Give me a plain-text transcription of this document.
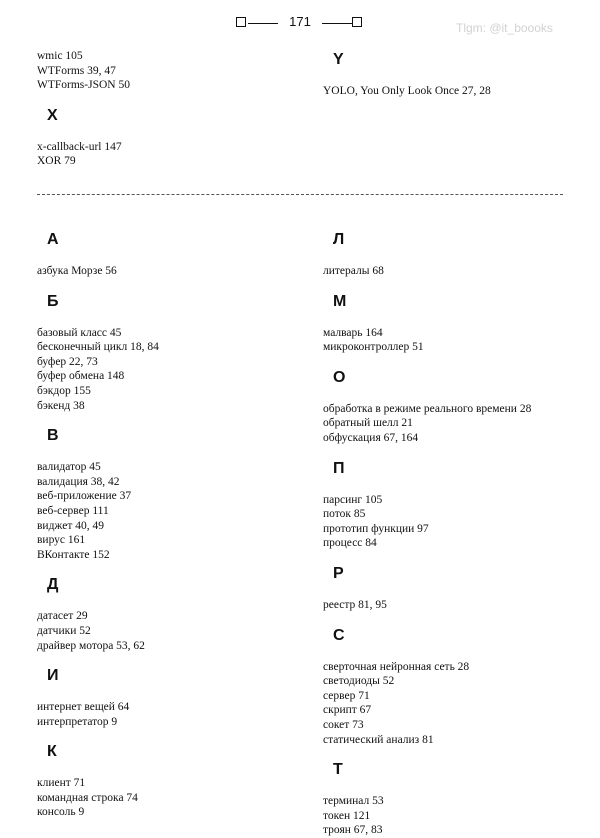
171	Tlgm: @it_boooks
wmic 105
WTForms 39, 47
WTForms-JSON 50
X
x-callback-url 147
XOR 79
Y
YOLO, You Only Look Once 27, 28
А
азбука Морзе 56
Б
базовый класс 45
бесконечный цикл 18, 84
буфер 22, 73
буфер обмена 148
бэкдор 155
бэкенд 38
В
валидатор 45
валидация 38, 42
веб-приложение 37
веб-сервер 111
виджет 40, 49
вирус 161
ВКонтакте 152
Д
датасет 29
датчики 52
драйвер мотора 53, 62
И
интернет вещей 64
интерпретатор 9
К
клиент 71
командная строка 74
консоль 9
Л
литералы 68
М
малварь 164
микроконтроллер 51
О
обработка в режиме реального времени 28
обратный шелл 21
обфускация 67, 164
П
парсинг 105
поток 85
прототип функции 97
процесс 84
Р
реестр 81, 95
С
сверточная нейронная сеть 28
светодиоды 52
сервер 71
скрипт 67
сокет 73
статический анализ 81
Т
терминал 53
токен 121
троян 67, 83
